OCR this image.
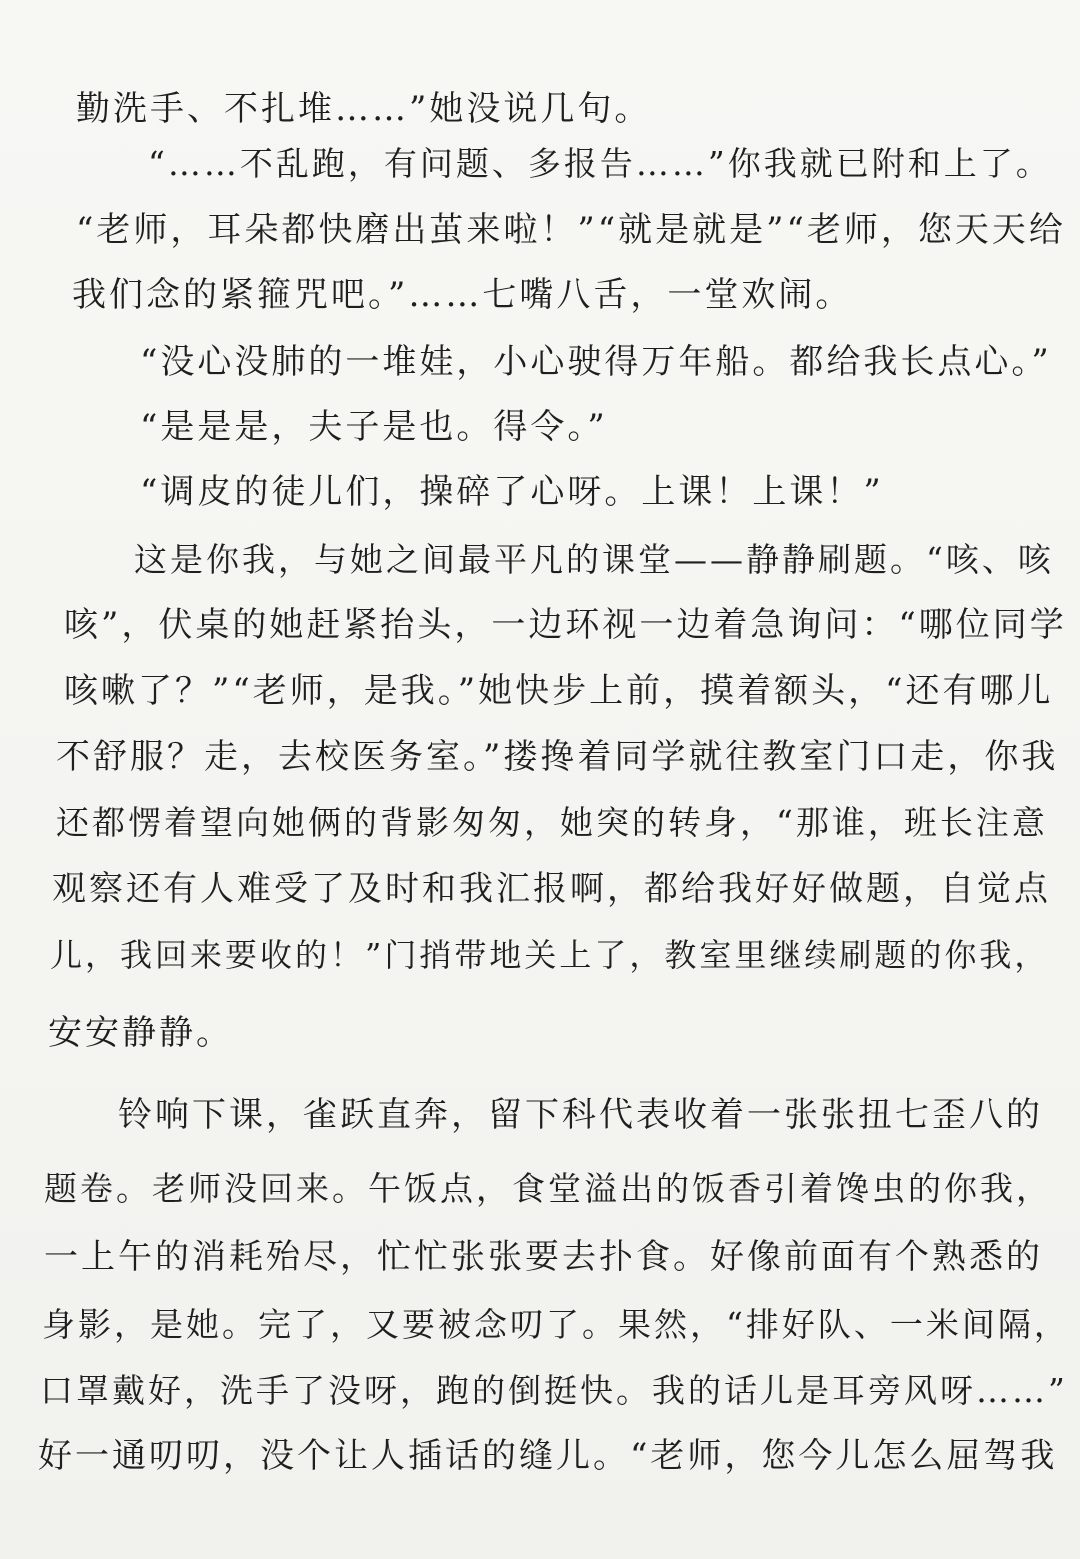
勤洗手、不扎堆……”她没说几句。
“……不乱跑，有问题、多报告……”你我就已附和上了。
“老师，耳朵都快磨出茧来啦！”“就是就是”“老师，您天天给
我们念的紧箍咒吧。”……七嘴八舌，一堂欢闹。
“没心没肺的一堆娃，小心驶得万年船。都给我长点心。”
“是是是，夫子是也。得令。”
“调皮的徒儿们，操碎了心呀。上课！上课！”
这是你我，与她之间最平凡的课堂——静静刷题。“咳、咳
咳”，伏桌的她赶紧抬头，一边环视一边着急询问：“哪位同学
咳嗽了？”“老师，是我。”她快步上前，摸着额头，“还有哪儿
不舒服？走，去校医务室。”搂搀着同学就往教室门口走，你我
还都愣着望向她俩的背影匆匆，她突的转身，“那谁，班长注意
观察还有人难受了及时和我汇报啊，都给我好好做题，自觉点
儿，我回来要收的！”门捎带地关上了，教室里继续刷题的你我，
安安静静。
铃响下课，雀跃直奔，留下科代表收着一张张扭七歪八的
题卷。老师没回来。午饭点，食堂溢出的饭香引着馋虫的你我，
一上午的消耗殆尽，忙忙张张要去扑食。好像前面有个熟悉的
身影，是她。完了，又要被念叨了。果然，“排好队、一米间隔，
口罩戴好，洗手了没呀，跑的倒挺快。我的话儿是耳旁风呀……”
好一通叨叨，没个让人插话的缝儿。“老师，您今儿怎么屈驾我
